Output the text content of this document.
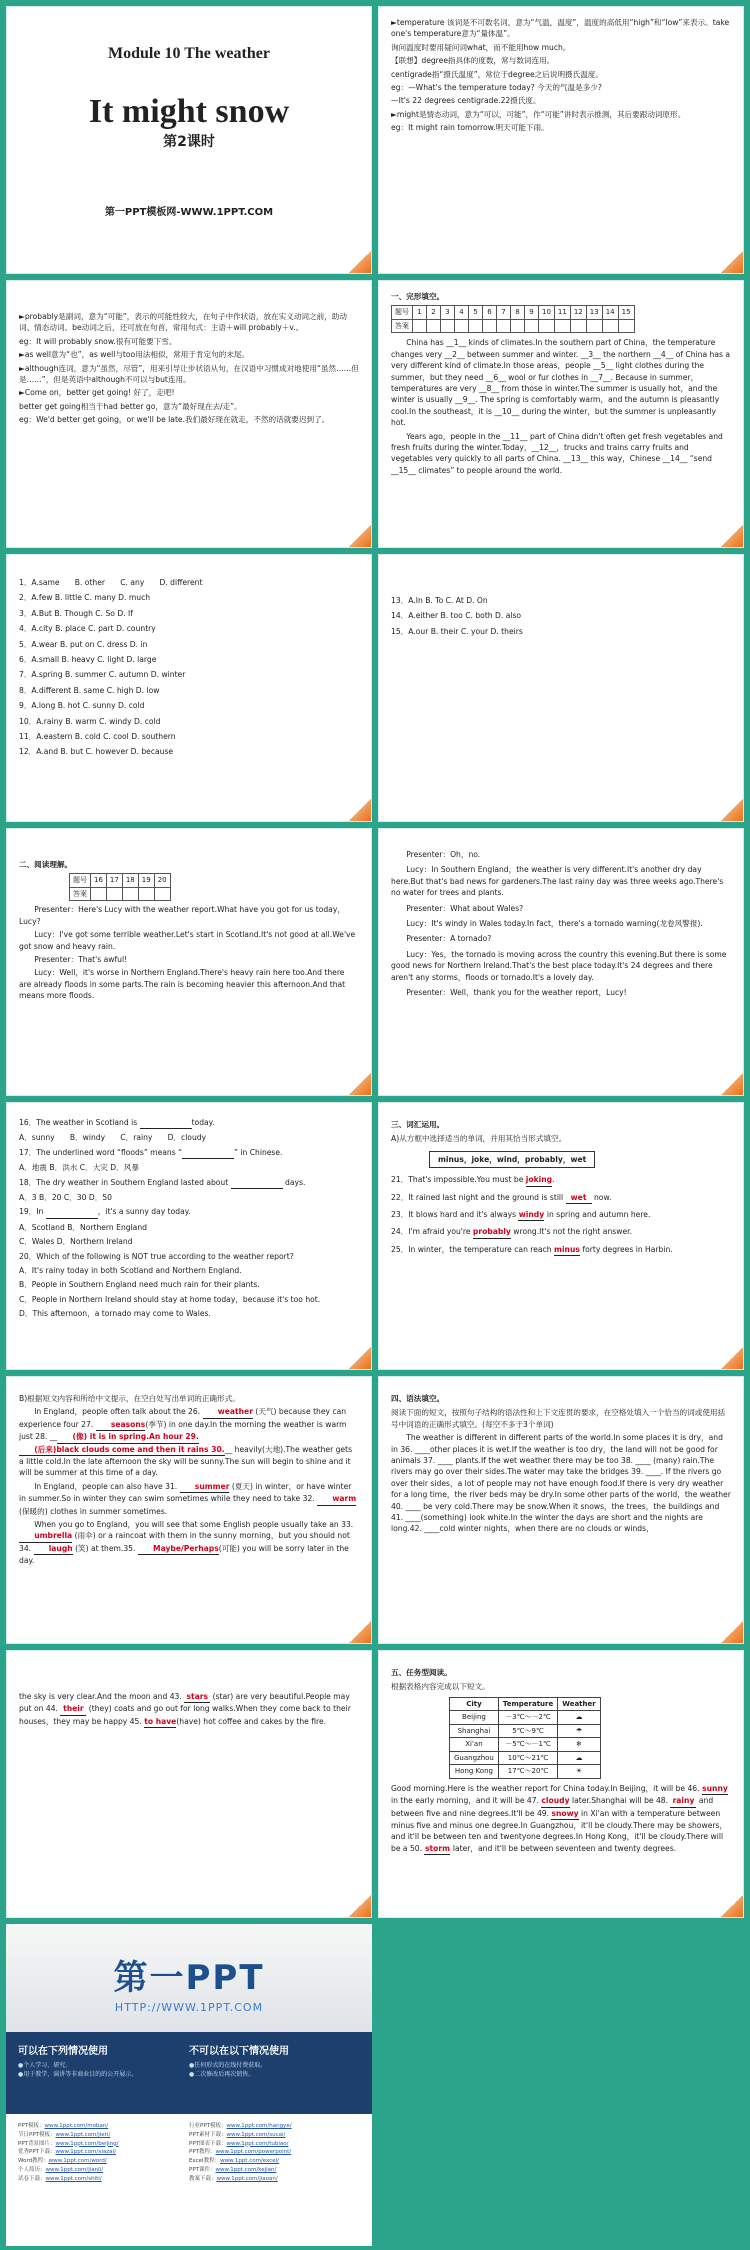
Module 10 The weather
It might snow
第2课时
第一PPT模板网-WWW.1PPT.COM

►temperature 该词是不可数名词，意为“气温，温度”，温度的高低用“high”和“low”来表示。take one's temperature意为“量体温”。

询问温度时要用疑问词what，而不能用how much。

【联想】degree指具体的度数，常与数词连用。

centigrade指“摄氏温度”，常位于degree之后说明摄氏温度。

eg：—What's the temperature today? 今天的气温是多少?

—It's 22 degrees centigrade.22摄氏度。

►might是情态动词，意为“可以，可能”，作“可能”讲时表示推测，其后要跟动词原形。

eg：It might rain tomorrow.明天可能下雨。

►probably是副词，意为“可能”，表示的可能性较大，在句子中作状语，放在实义动词之前，助动词、情态动词、be动词之后，还可放在句首，常用句式：主语＋will probably＋v.。

eg：It will probably snow.很有可能要下雪。

►as well意为“也”，as well与too用法相似，常用于肯定句的末尾。

►although连词，意为“虽然，尽管”，用来引导让步状语从句，在汉语中习惯成对地使用“虽然……但是……”，但是英语中although不可以与but连用。

►Come on，better get going! 好了，走吧!

better get going相当于had better go，意为“最好现在去/走”。

eg：We'd better get going，or we'll be late.我们最好现在就走，不然的话就要迟到了。

一、完形填空。
题号	1	2	3	4	5	6	7	8	9	10	11	12	13	14	15
答案															

China has __1__ kinds of climates.In the southern part of China，the temperature changes very __2__ between summer and winter. __3__ the northern __4__ of China has a very different kind of climate.In those areas，people __5__ light clothes during the summer，but they need __6__ wool or fur clothes in __7__. Because in summer，temperatures are very __8__ from those in winter.The summer is usually hot，and the winter is usually __9__. The spring is comfortably warm，and the autumn is pleasantly cool.In the southeast，it is __10__ during the winter，but the summer is unpleasantly hot.

Years ago，people in the __11__ part of China didn't often get fresh vegetables and fresh fruits during the winter.Today，__12__，trucks and trains carry fruits and vegetables very quickly to all parts of China. __13__ this way，Chinese __14__ “send __15__ climates” to people around the world.

1．A.same　　B. other　　C. any　　D. different

2．A.few B. little C. many D. much

3．A.But B. Though C. So D. If

4．A.city B. place C. part D. country

5．A.wear B. put on C. dress D. in

6．A.small B. heavy C. light D. large

7．A.spring B. summer C. autumn D. winter

8．A.different B. same C. high D. low

9．A.long B. hot C. sunny D. cold

10．A.rainy B. warm C. windy D. cold

11．A.eastern B. cold C. cool D. southern

12．A.and B. but C. however D. because

13．A.In B. To C. At D. On

14．A.either B. too C. both D. also

15．A.our B. their C. your D. theirs

二、阅读理解。
题号	16	17	18	19	20
答案					

Presenter：Here's Lucy with the weather report.What have you got for us today，Lucy?

Lucy：I've got some terrible weather.Let's start in Scotland.It's not good at all.We've got snow and heavy rain.

Presenter：That's awful!

Lucy：Well，it's worse in Northern England.There's heavy rain here too.And there are already floods in some parts.The rain is becoming heavier this afternoon.And that means more floods.

Presenter：Oh，no.

Lucy：In Southern England，the weather is very different.It's another dry day here.But that's bad news for gardeners.The last rainy day was three weeks ago.There's no water for trees and plants.

Presenter：What about Wales?

Lucy：It's windy in Wales today.In fact，there's a tornado warning(龙卷风警报).

Presenter：A tornado?

Lucy：Yes，the tornado is moving across the country this evening.But there is some good news for Northern Ireland.That's the best place today.It's 24 degrees and there aren't any storms，floods or tornado.It's a lovely day.

Presenter：Well，thank you for the weather report，Lucy!

16．The weather in Scotland is	today.

A．sunny　　B．windy　　C．rainy　　D．cloudy

17．The underlined word “floods” means “	” in Chinese.

A．地震 B．洪水 C．大灾 D．风暴

18．The dry weather in Southern England lasted about	days.

A．3 B．20 C．30 D．50

19．In	，it's a sunny day today.

A．Scotland B．Northern England

C．Wales D．Northern Ireland

20．Which of the following is NOT true according to the weather report?

A．It's rainy today in both Scotland and Northern England.

B．People in Southern England need much rain for their plants.

C．People in Northern Ireland should stay at home today，because it's too hot.

D．This afternoon，a tornado may come to Wales.

三、词汇运用。

A)从方框中选择适当的单词，并用其恰当形式填空。

minus，joke，wind，probably，wet

21．That's impossible.You must be joking.

22．It rained last night and the ground is still wet now.

23．It blows hard and it's always windy in spring and autumn here.

24．I'm afraid you're probably wrong.It's not the right answer.

25．In winter，the temperature can reach minus forty degrees in Harbin.

B)根据短文内容和所给中文提示，在空白处写出单词的正确形式。

In England，people often talk about the 26. weather (天气) because they can experience four 27. seasons(季节) in one day.In the morning the weather is warm just 28. __(像) it is in spring.An hour 29.(后来)black clouds come and then it rains 30.__ heavily(大地).The weather gets a little cold.In the late afternoon the sky will be sunny.The sun will begin to shine and it will be summer at this time of a day.

In England，people can also have 31. summer (夏天) in winter，or have winter in summer.So in winter they can swim sometimes while they need to take 32. warm (保暖的) clothes in summer sometimes.

When you go to England，you will see that some English people usually take an 33. umbrella (雨伞) or a raincoat with them in the sunny morning，but you should not 34. laugh (笑) at them.35. Maybe/Perhaps(可能) you will be sorry later in the day.

四、语法填空。

阅读下面的短文，按照句子结构的语法性和上下文连贯的要求，在空格处填入一个恰当的词或使用括号中词语的正确形式填空。(每空不多于3个单词)

The weather is different in different parts of the world.In some places it is dry，and in 36. ____other places it is wet.If the weather is too dry，the land will not be good for animals 37. ____ plants.If the wet weather there may be too 38. ____ (many) rain.The rivers may go over their sides.The water may take the bridges 39. ____. If the rivers go over their sides，a lot of people may not have enough food.If there is very dry weather for a long time，the river beds may be dry.In some other parts of the world，the weather 40. ____ be very cold.There may be snow.When it snows，the trees，the buildings and 41. ____(something) look white.In the winter the days are short and the nights are long.42. ____cold winter nights，when there are no clouds or winds，

the sky is very clear.And the moon and 43. stars (star) are very beautiful.People may put on 44. their (they) coats and go out for long walks.When they come back to their houses，they may be happy 45. to have(have) hot coffee and cakes by the fire.

五、任务型阅读。

根据表格内容完成以下短文。

City	Temperature	Weather
Beijing	－3℃～－2℃	☁
Shanghai	5℃～9℃	☂
Xi'an	－5℃～－1℃	❄
Guangzhou	10℃～21℃	☁
Hong Kong	17℃～20℃	☀

Good morning.Here is the weather report for China today.In Beijing，it will be 46. sunny in the early morning，and it will be 47. cloudy later.Shanghai will be 48. rainy and between five and nine degrees.It'll be 49. snowy in Xi'an with a temperature between minus five and minus one degree.In Guangzhou，it'll be cloudy.There may be showers，and it'll be between ten and twentyone degrees.In Hong Kong，it'll be cloudy.There will be a 50. storm later，and it'll be between seventeen and twenty degrees.

第一PPT
HTTP://WWW.1PPT.COM
可以在下列情况使用
●个人学习、研究。
●用于教学、演讲等非商业目的的公开展示。
不可以在以下情况使用
●任何形式的在线付费获取。
●二次修改后再次销售。
PPT模板：www.1ppt.com/moban/
节日PPT模板：www.1ppt.com/jieri/
PPT背景图片：www.1ppt.com/beijing/
优秀PPT下载：www.1ppt.com/xiazai/
Word教程：www.1ppt.com/word/
个人简历：www.1ppt.com/jianli/
试卷下载：www.1ppt.com/shiti/
行业PPT模板：www.1ppt.com/hangye/
PPT素材下载：www.1ppt.com/sucai/
PPT图表下载：www.1ppt.com/tubiao/
PPT教程：www.1ppt.com/powerpoint/
Excel教程：www.1ppt.com/excel/
PPT课件：www.1ppt.com/kejian/
教案下载：www.1ppt.com/jiaoan/
